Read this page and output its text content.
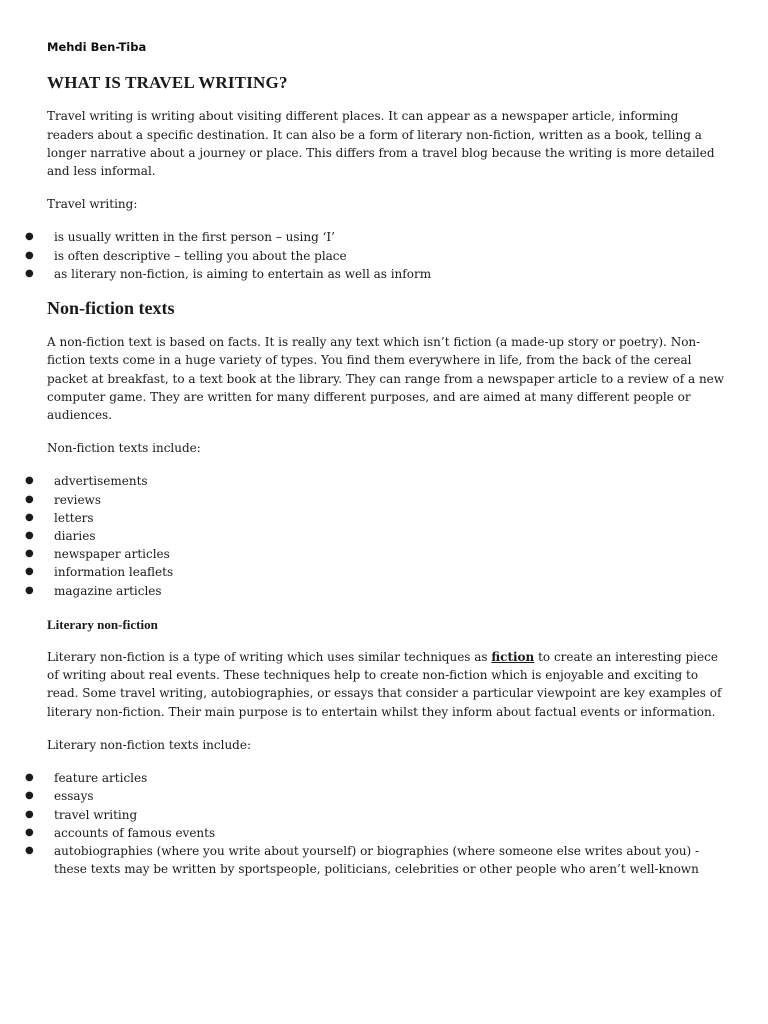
Mehdi Ben-Tiba
WHAT IS TRAVEL WRITING?

Travel writing is writing about visiting different places. It can appear as a newspaper article, informing readers about a specific destination. It can also be a form of literary non-fiction, written as a book, telling a longer narrative about a journey or place. This differs from a travel blog because the writing is more detailed and less informal.

Travel writing:

● is usually written in the first person – using ‘I’
● is often descriptive – telling you about the place
● as literary non-fiction, is aiming to entertain as well as inform
Non-fiction texts

A non-fiction text is based on facts. It is really any text which isn’t fiction (a made-up story or poetry). Non-fiction texts come in a huge variety of types. You find them everywhere in life, from the back of the cereal packet at breakfast, to a text book at the library. They can range from a newspaper article to a review of a new computer game. They are written for many different purposes, and are aimed at many different people or audiences.

Non-fiction texts include:

● advertisements
● reviews
● letters
● diaries
● newspaper articles
● information leaflets
● magazine articles
Literary non-fiction

Literary non-fiction is a type of writing which uses similar techniques as fiction to create an interesting piece of writing about real events. These techniques help to create non-fiction which is enjoyable and exciting to read. Some travel writing, autobiographies, or essays that consider a particular viewpoint are key examples of literary non-fiction. Their main purpose is to entertain whilst they inform about factual events or information.

Literary non-fiction texts include:

● feature articles
● essays
● travel writing
● accounts of famous events
● autobiographies (where you write about yourself) or biographies (where someone else writes about you) - these texts may be written by sportspeople, politicians, celebrities or other people who aren’t well-known
